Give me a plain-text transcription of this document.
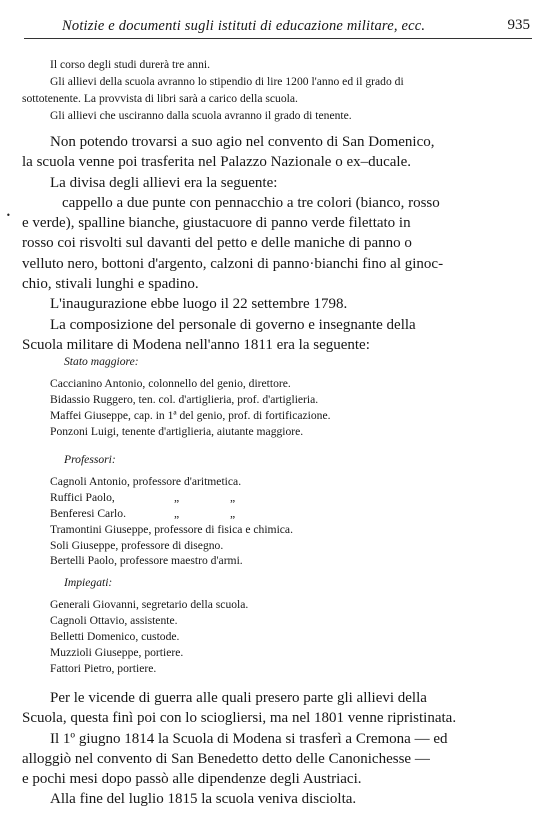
Notizie e documenti sugli istituti di educazione militare, ecc.	935

Il corso degli studi durerà tre anni.

Gli allievi della scuola avranno lo stipendio di lire 1200 l'anno ed il grado di

sottotenente. La provvista di libri sarà a carico della scuola.

Gli allievi che usciranno dalla scuola avranno il grado di tenente.

•

Non potendo trovarsi a suo agio nel convento di San Domenico,

la scuola venne poi trasferita nel Palazzo Nazionale o ex–ducale.

La divisa degli allievi era la seguente:

cappello a due punte con pennacchio a tre colori (bianco, rosso

e verde), spalline bianche, giustacuore di panno verde filettato in

rosso coi risvolti sul davanti del petto e delle maniche di panno o

velluto nero, bottoni d'argento, calzoni di panno·bianchi fino al ginoc-

chio, stivali lunghi e spadino.

L'inaugurazione ebbe luogo il 22 settembre 1798.

La composizione del personale di governo e insegnante della

Scuola militare di Modena nell'anno 1811 era la seguente:

Stato maggiore:
Caccianino Antonio, colonnello del genio, direttore.
Bidassio Ruggero, ten. col. d'artiglieria, prof. d'artiglieria.
Maffei Giuseppe, cap. in 1ª del genio, prof. di fortificazione.
Ponzoni Luigi, tenente d'artiglieria, aiutante maggiore.
Professori:
Cagnoli Antonio, professore d'aritmetica.
Ruffici Paolo,	„	„
Benferesi Carlo.	„	„
Tramontini Giuseppe, professore di fisica e chimica.
Soli Giuseppe, professore di disegno.
Bertelli Paolo, professore maestro d'armi.
Impiegati:
Generali Giovanni, segretario della scuola.
Cagnoli Ottavio, assistente.
Belletti Domenico, custode.
Muzzioli Giuseppe, portiere.
Fattori Pietro, portiere.

Per le vicende di guerra alle quali presero parte gli allievi della

Scuola, questa finì poi con lo sciogliersi, ma nel 1801 venne ripristinata.

Il 1º giugno 1814 la Scuola di Modena si trasferì a Cremona — ed

alloggiò nel convento di San Benedetto detto delle Canonichesse —

e pochi mesi dopo passò alle dipendenze degli Austriaci.

Alla fine del luglio 1815 la scuola veniva disciolta.
